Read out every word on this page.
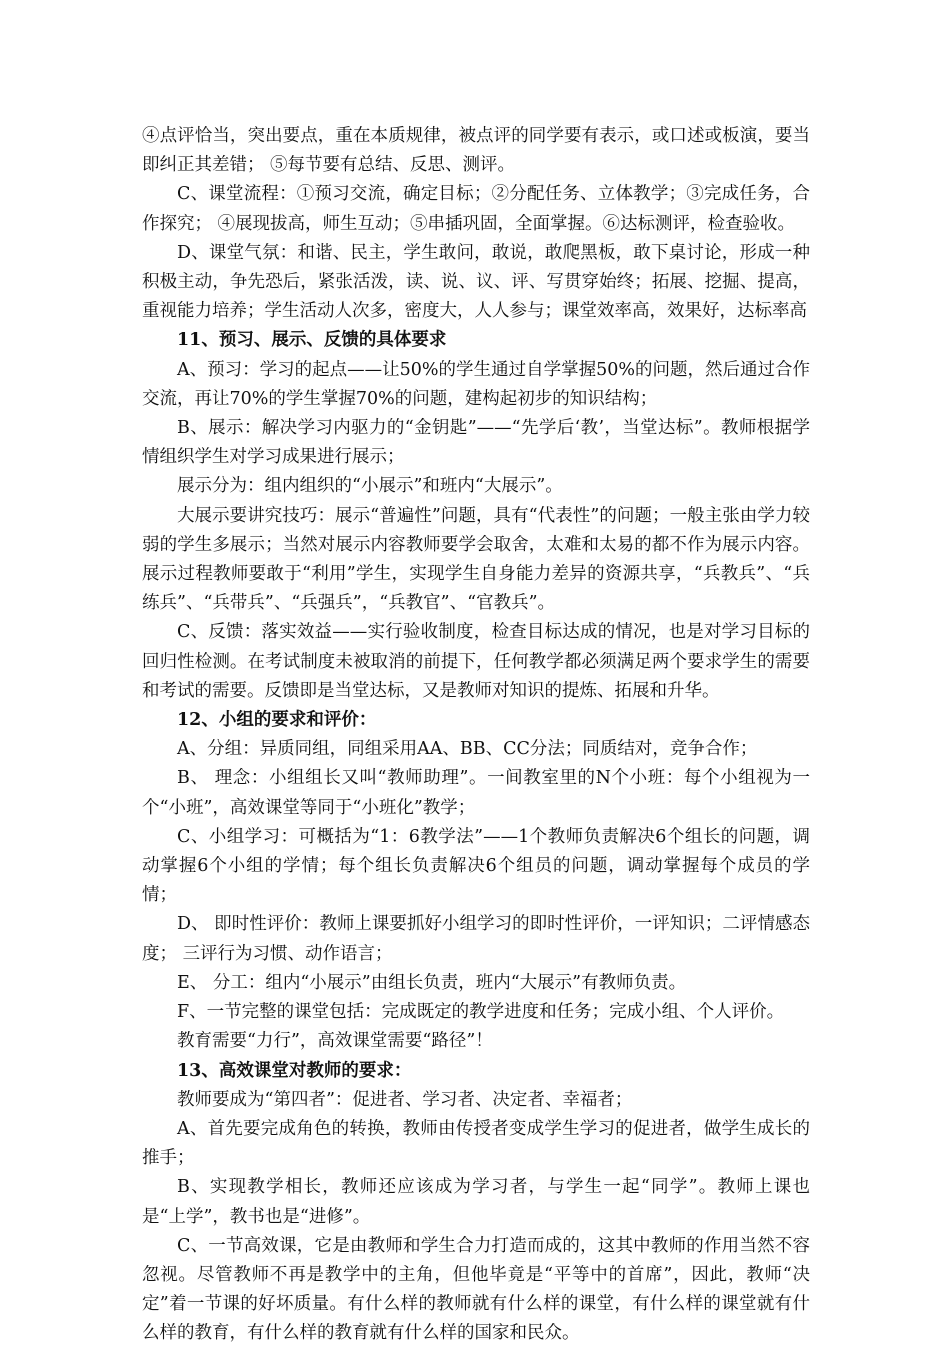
④点评恰当，突出要点，重在本质规律，被点评的同学要有表示，或口述或板演，要当即纠正其差错； ⑤每节要有总结、反思、测评。

C、课堂流程：①预习交流，确定目标；②分配任务、立体教学；③完成任务，合作探究； ④展现拔高，师生互动；⑤串插巩固，全面掌握。⑥达标测评，检查验收。

D、课堂气氛：和谐、民主，学生敢问，敢说，敢爬黑板，敢下桌讨论，形成一种积极主动，争先恐后，紧张活泼，读、说、议、评、写贯穿始终；拓展、挖掘、提高，重视能力培养；学生活动人次多，密度大，人人参与；课堂效率高，效果好，达标率高

11、预习、展示、反馈的具体要求

A、预习：学习的起点——让50%的学生通过自学掌握50%的问题，然后通过合作交流，再让70%的学生掌握70%的问题，建构起初步的知识结构；

B、展示：解决学习内驱力的“金钥匙”——“先学后‘教’，当堂达标”。教师根据学情组织学生对学习成果进行展示；

展示分为：组内组织的“小展示”和班内“大展示”。

大展示要讲究技巧：展示“普遍性”问题，具有“代表性”的问题；一般主张由学力较弱的学生多展示；当然对展示内容教师要学会取舍，太难和太易的都不作为展示内容。展示过程教师要敢于“利用”学生，实现学生自身能力差异的资源共享，“兵教兵”、“兵练兵”、“兵带兵”、“兵强兵”，“兵教官”、“官教兵”。

C、反馈：落实效益——实行验收制度，检查目标达成的情况，也是对学习目标的回归性检测。在考试制度未被取消的前提下，任何教学都必须满足两个要求学生的需要和考试的需要。反馈即是当堂达标，又是教师对知识的提炼、拓展和升华。

12、小组的要求和评价：

A、分组：异质同组，同组采用AA、BB、CC分法；同质结对，竞争合作；

B、 理念：小组组长又叫“教师助理”。一间教室里的N个小班：每个小组视为一个“小班”，高效课堂等同于“小班化”教学；

C、小组学习：可概括为“1：6教学法”——1个教师负责解决6个组长的问题，调动掌握6个小组的学情；每个组长负责解决6个组员的问题，调动掌握每个成员的学情；

D、 即时性评价：教师上课要抓好小组学习的即时性评价，一评知识；二评情感态度； 三评行为习惯、动作语言；

E、 分工：组内“小展示”由组长负责，班内“大展示”有教师负责。

F、一节完整的课堂包括：完成既定的教学进度和任务；完成小组、个人评价。

教育需要“力行”，高效课堂需要“路径”！

13、高效课堂对教师的要求：

教师要成为“第四者”：促进者、学习者、决定者、幸福者；

A、首先要完成角色的转换，教师由传授者变成学生学习的促进者，做学生成长的推手；

B、实现教学相长，教师还应该成为学习者，与学生一起“同学”。教师上课也是“上学”，教书也是“进修”。

C、一节高效课，它是由教师和学生合力打造而成的，这其中教师的作用当然不容忽视。尽管教师不再是教学中的主角，但他毕竟是“平等中的首席”，因此，教师“决定”着一节课的好坏质量。有什么样的教师就有什么样的课堂，有什么样的课堂就有什么样的教育，有什么样的教育就有什么样的国家和民众。
